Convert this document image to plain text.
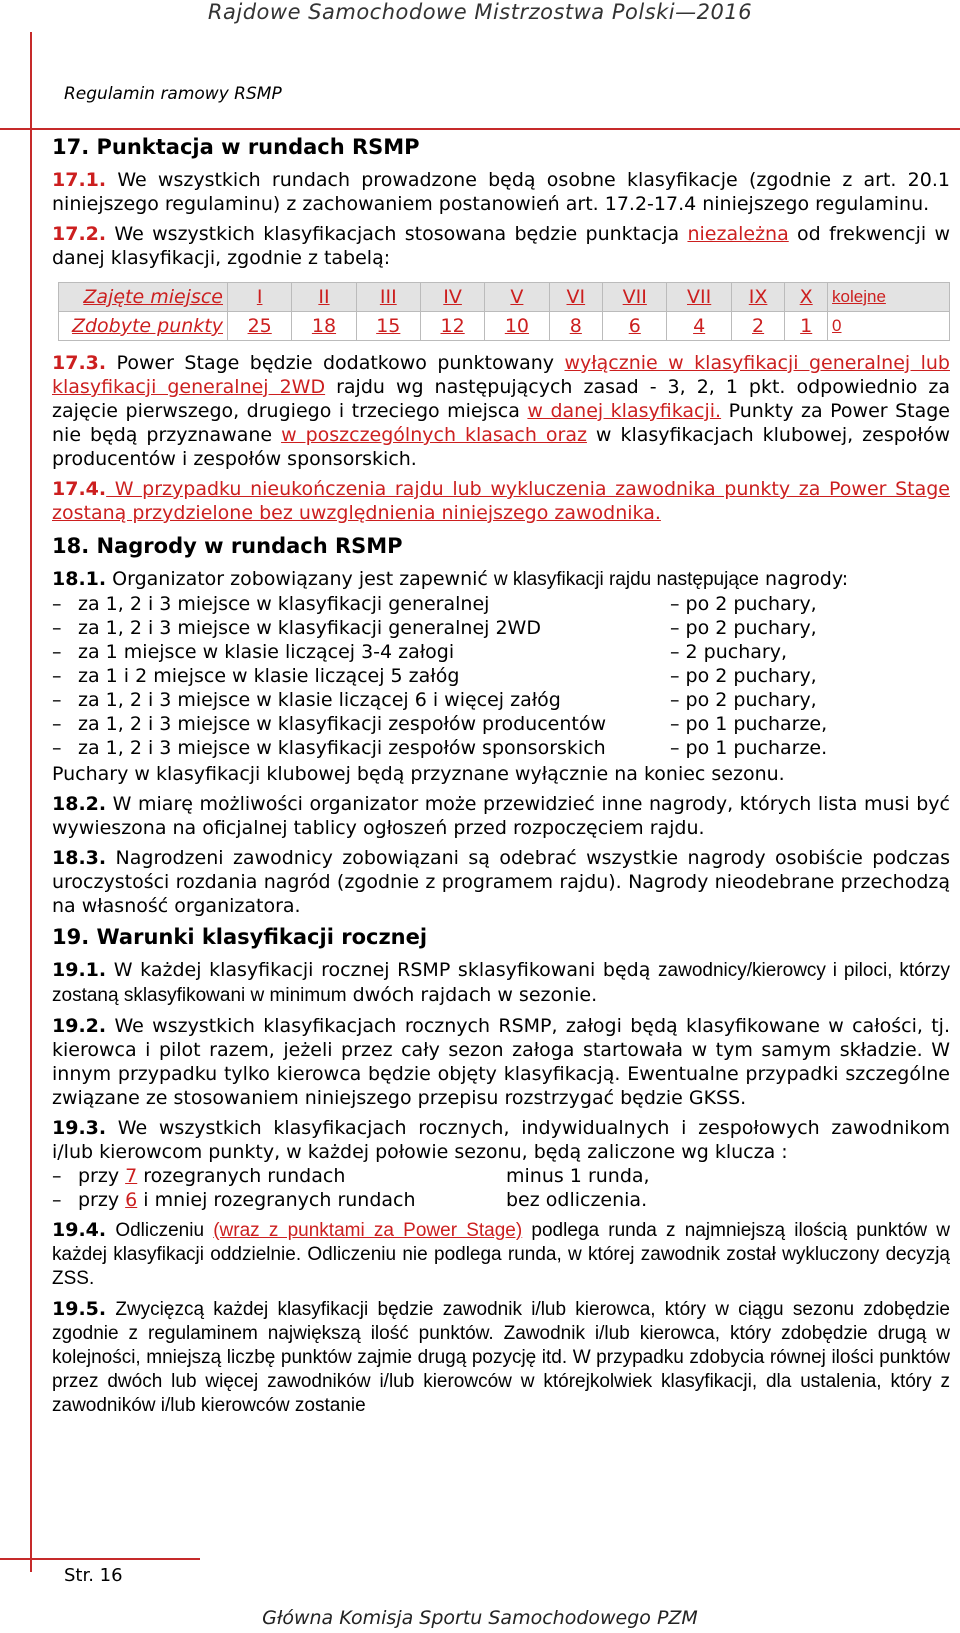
Rajdowe Samochodowe Mistrzostwa Polski—2016
Regulamin ramowy RSMP
17. Punktacja w rundach RSMP
17.1. We wszystkich rundach prowadzone będą osobne klasyfikacje (zgodnie z art. 20.1 niniejszego regulaminu) z zachowaniem postanowień art. 17.2-17.4 niniejszego regulaminu.
17.2. We wszystkich klasyfikacjach stosowana będzie punktacja niezależna od frekwencji w danej klasyfikacji, zgodnie z tabelą:
Zajęte miejsce	I	II	III	IV	V	VI	VII	VII	IX	X	kolejne
Zdobyte punkty	25	18	15	12	10	8	6	4	2	1	0
17.3. Power Stage będzie dodatkowo punktowany wyłącznie w klasyfikacji generalnej lub klasyfikacji generalnej 2WD rajdu wg następujących zasad - 3, 2, 1 pkt. odpowiednio za zajęcie pierwszego, drugiego i trzeciego miejsca w danej klasyfikacji. Punkty za Power Stage nie będą przyznawane w poszczególnych klasach oraz w klasyfikacjach klubowej, zespołów producentów i zespołów sponsorskich.
17.4. W przypadku nieukończenia rajdu lub wykluczenia zawodnika punkty za Power Stage zostaną przydzielone bez uwzględnienia niniejszego zawodnika.
18. Nagrody w rundach RSMP
18.1. Organizator zobowiązany jest zapewnić w klasyfikacji rajdu następujące nagrody:
– za 1, 2 i 3 miejsce w klasyfikacji generalnej	– po 2 puchary,
– za 1, 2 i 3 miejsce w klasyfikacji generalnej 2WD	– po 2 puchary,
– za 1 miejsce w klasie liczącej 3-4 załogi	– 2 puchary,
– za 1 i 2 miejsce w klasie liczącej 5 załóg	– po 2 puchary,
– za 1, 2 i 3 miejsce w klasie liczącej 6 i więcej załóg	– po 2 puchary,
– za 1, 2 i 3 miejsce w klasyfikacji zespołów producentów	– po 1 pucharze,
– za 1, 2 i 3 miejsce w klasyfikacji zespołów sponsorskich	– po 1 pucharze.
Puchary w klasyfikacji klubowej będą przyznane wyłącznie na koniec sezonu.
18.2. W miarę możliwości organizator może przewidzieć inne nagrody, których lista musi być wywieszona na oficjalnej tablicy ogłoszeń przed rozpoczęciem rajdu.
18.3. Nagrodzeni zawodnicy zobowiązani są odebrać wszystkie nagrody osobiście podczas uroczystości rozdania nagród (zgodnie z programem rajdu). Nagrody nieodebrane przechodzą na własność organizatora.
19. Warunki klasyfikacji rocznej
19.1. W każdej klasyfikacji rocznej RSMP sklasyfikowani będą zawodnicy/kierowcy i piloci, którzy zostaną sklasyfikowani w minimum dwóch rajdach w sezonie.
19.2. We wszystkich klasyfikacjach rocznych RSMP, załogi będą klasyfikowane w całości, tj. kierowca i pilot razem, jeżeli przez cały sezon załoga startowała w tym samym składzie. W innym przypadku tylko kierowca będzie objęty klasyfikacją. Ewentualne przypadki szczególne związane ze stosowaniem niniejszego przepisu rozstrzygać będzie GKSS.
19.3. We wszystkich klasyfikacjach rocznych, indywidualnych i zespołowych zawodnikom i/lub kierowcom punkty, w każdej połowie sezonu, będą zaliczone wg klucza :
– przy 7 rozegranych rundach	minus 1 runda,
– przy 6 i mniej rozegranych rundach	bez odliczenia.
19.4. Odliczeniu (wraz z punktami za Power Stage) podlega runda z najmniejszą ilością punktów w każdej klasyfikacji oddzielnie. Odliczeniu nie podlega runda, w której zawodnik został wykluczony decyzją ZSS.
19.5. Zwycięzcą każdej klasyfikacji będzie zawodnik i/lub kierowca, który w ciągu sezonu zdobędzie zgodnie z regulaminem największą ilość punktów. Zawodnik i/lub kierowca, który zdobędzie drugą w kolejności, mniejszą liczbę punktów zajmie drugą pozycję itd. W przypadku zdobycia równej ilości punktów przez dwóch lub więcej zawodników i/lub kierowców w którejkolwiek klasyfikacji, dla ustalenia, który z zawodników i/lub kierowców zostanie
Str. 16
Główna Komisja Sportu Samochodowego PZM
